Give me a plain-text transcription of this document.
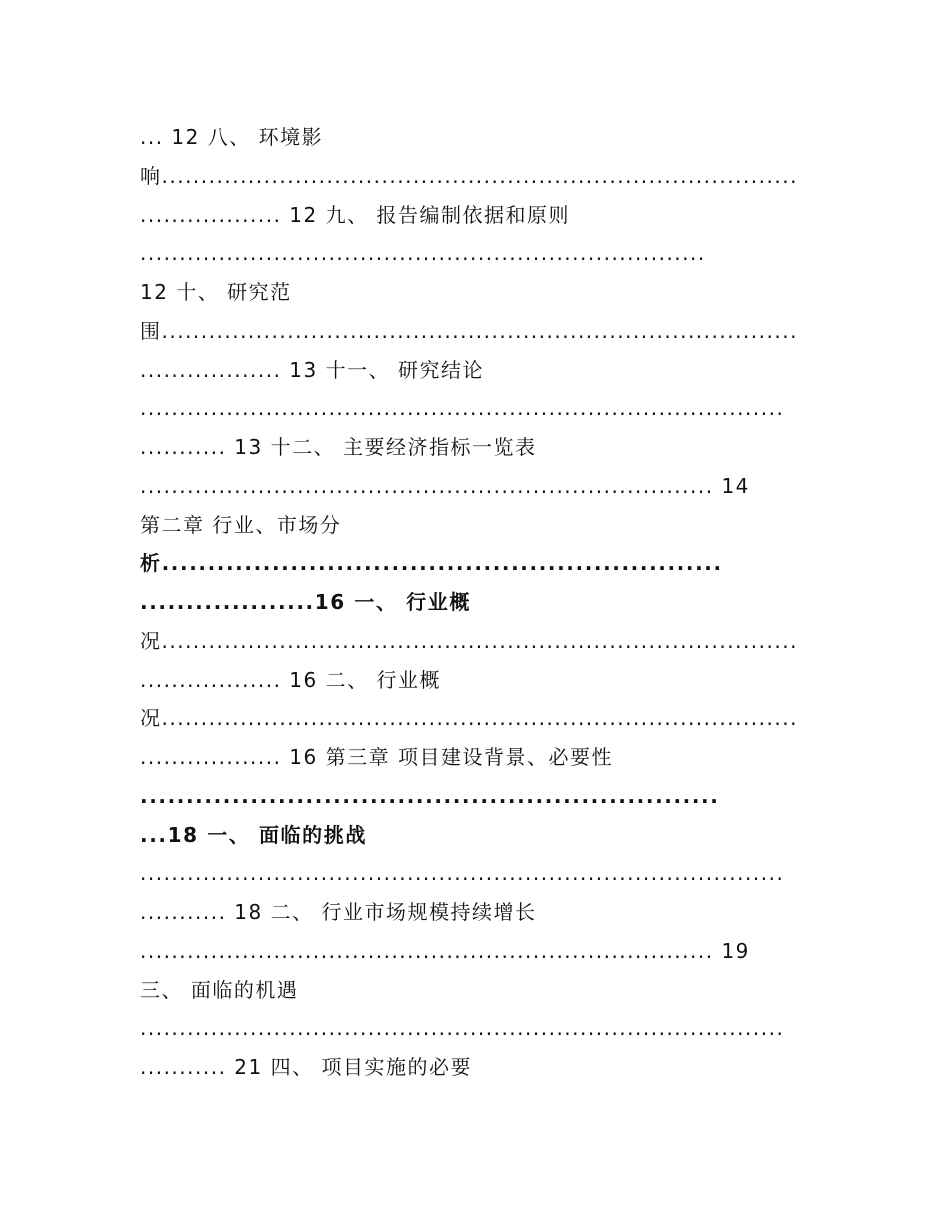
... 12 八、 环境影
响.................................................................................
.................. 12 九、 报告编制依据和原则
........................................................................
12 十、 研究范
围.................................................................................
.................. 13 十一、 研究结论
..................................................................................
........... 13 十二、 主要经济指标一览表
......................................................................... 14
第二章 行业、市场分
析.............................................................
...................16 一、 行业概
况.................................................................................
.................. 16 二、 行业概
况.................................................................................
.................. 16 第三章 项目建设背景、必要性
...............................................................
...18 一、 面临的挑战
..................................................................................
........... 18 二、 行业市场规模持续增长
......................................................................... 19
三、 面临的机遇
..................................................................................
........... 21 四、 项目实施的必要
